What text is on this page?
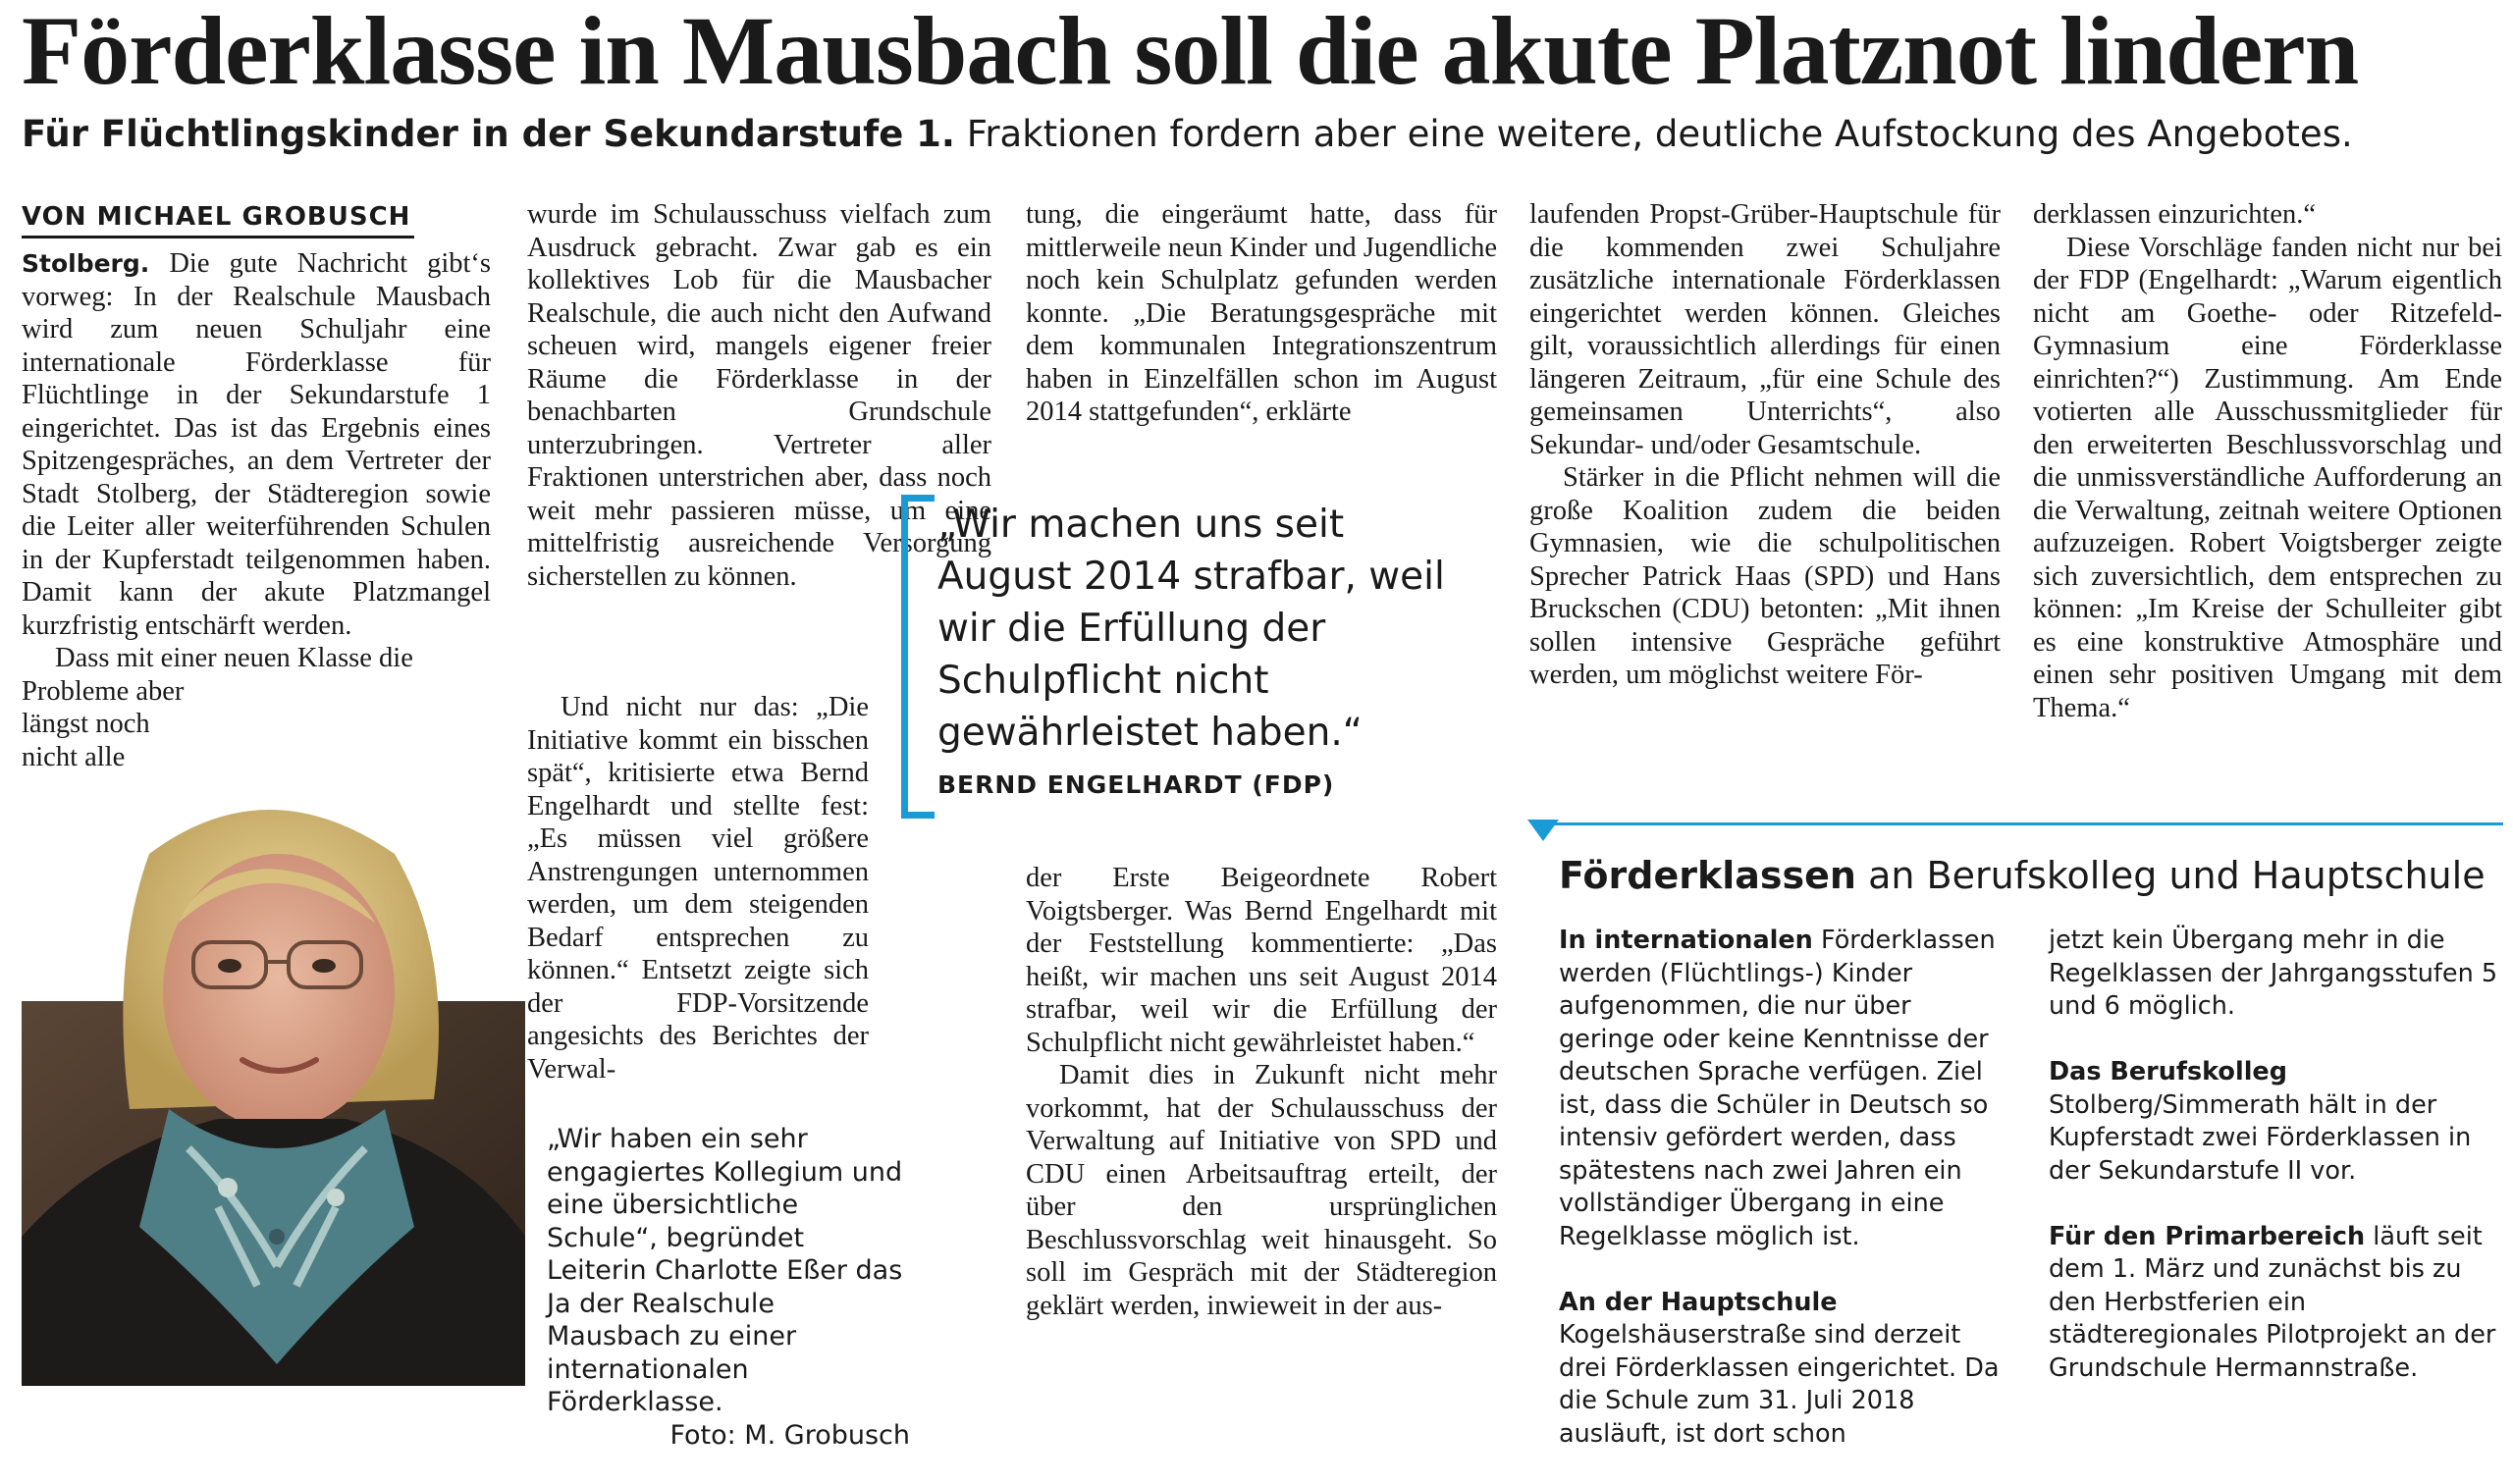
Förderklasse in Mausbach soll die akute Platznot lindern
Für Flüchtlingskinder in der Sekundarstufe 1. Fraktionen fordern aber eine weitere, deutliche Aufstockung des Angebotes.
VON MICHAEL GROBUSCH

Stolberg. Die gute Nachricht gibt‘s vorweg: In der Realschule Mausbach wird zum neuen Schuljahr eine internationale Förderklasse für Flüchtlinge in der Sekundarstufe 1 eingerichtet. Das ist das Ergebnis eines Spitzengespräches, an dem Vertreter der Stadt Stolberg, der Städteregion sowie die Leiter aller weiterführenden Schulen in der Kupferstadt teilgenommen haben. Damit kann der akute Platzmangel kurzfristig entschärft werden.

Dass mit einer neuen Klasse die

Probleme aber
längst noch
nicht alle

wurde im Schulausschuss vielfach zum Ausdruck gebracht. Zwar gab es ein kollektives Lob für die Mausbacher Realschule, die auch nicht den Aufwand scheuen wird, mangels eigener freier Räume die Förderklasse in der benachbarten Grundschule unterzubringen. Vertreter aller Fraktionen unterstrichen aber, dass noch weit mehr passieren müsse, um eine mittelfristig ausreichende Versorgung sicherstellen zu können.

Und nicht nur das: „Die Initiative kommt ein bisschen spät“, kritisierte etwa Bernd Engelhardt und stellte fest: „Es müssen viel größere Anstrengungen unternommen werden, um dem steigenden Bedarf entsprechen zu können.“ Entsetzt zeigte sich der FDP-Vorsitzende angesichts des Berichtes der Verwal-

„Wir machen uns seit August 2014 strafbar, weil wir die Erfüllung der Schulpflicht nicht gewährleistet haben.“
BERND ENGELHARDT (FDP)
„Wir haben ein sehr engagiertes Kollegium und eine übersichtliche Schule“, begründet Leiterin Charlotte Eßer das Ja der Realschule Mausbach zu einer internationalen Förderklasse.
Foto: M. Grobusch

tung, die eingeräumt hatte, dass für mittlerweile neun Kinder und Jugendliche noch kein Schulplatz gefunden werden konnte. „Die Beratungsgespräche mit dem kommunalen Integrationszentrum haben in Einzelfällen schon im August 2014 stattgefunden“, erklärte

der Erste Beigeordnete Robert Voigtsberger. Was Bernd Engelhardt mit der Feststellung kommentierte: „Das heißt, wir machen uns seit August 2014 strafbar, weil wir die Erfüllung der Schulpflicht nicht gewährleistet haben.“

Damit dies in Zukunft nicht mehr vorkommt, hat der Schulausschuss der Verwaltung auf Initiative von SPD und CDU einen Arbeitsauftrag erteilt, der über den ursprünglichen Beschlussvorschlag weit hinausgeht. So soll im Gespräch mit der Städteregion geklärt werden, inwieweit in der aus-

laufenden Propst-Grüber-Hauptschule für die kommenden zwei Schuljahre zusätzliche internationale Förderklassen eingerichtet werden können. Gleiches gilt, voraussichtlich allerdings für einen längeren Zeitraum, „für eine Schule des gemeinsamen Unterrichts“, also Sekundar- und/oder Gesamtschule.

Stärker in die Pflicht nehmen will die große Koalition zudem die beiden Gymnasien, wie die schulpolitischen Sprecher Patrick Haas (SPD) und Hans Bruckschen (CDU) betonten: „Mit ihnen sollen intensive Gespräche geführt werden, um möglichst weitere För-

derklassen einzurichten.“

Diese Vorschläge fanden nicht nur bei der FDP (Engelhardt: „Warum eigentlich nicht am Goethe- oder Ritzefeld-Gymnasium eine Förderklasse einrichten?“) Zustimmung. Am Ende votierten alle Ausschussmitglieder für den erweiterten Beschlussvorschlag und die unmissverständliche Aufforderung an die Verwaltung, zeitnah weitere Optionen aufzuzeigen. Robert Voigtsberger zeigte sich zuversichtlich, dem entsprechen zu können: „Im Kreise der Schulleiter gibt es eine konstruktive Atmosphäre und einen sehr positiven Umgang mit dem Thema.“

Förderklassen an Berufskolleg und Hauptschule

In internationalen Förderklassen werden (Flüchtlings-) Kinder aufgenommen, die nur über geringe oder keine Kenntnisse der deutschen Sprache verfügen. Ziel ist, dass die Schüler in Deutsch so intensiv gefördert werden, dass spätestens nach zwei Jahren ein vollständiger Übergang in eine Regelklasse möglich ist.

An der Hauptschule Kogelshäuserstraße sind derzeit drei Förderklassen eingerichtet. Da die Schule zum 31. Juli 2018 ausläuft, ist dort schon

jetzt kein Übergang mehr in die Regelklassen der Jahrgangsstufen 5 und 6 möglich.

Das Berufskolleg Stolberg/Simmerath hält in der Kupferstadt zwei Förderklassen in der Sekundarstufe II vor.

Für den Primarbereich läuft seit dem 1. März und zunächst bis zu den Herbstferien ein städteregionales Pilotprojekt an der Grundschule Hermannstraße.
